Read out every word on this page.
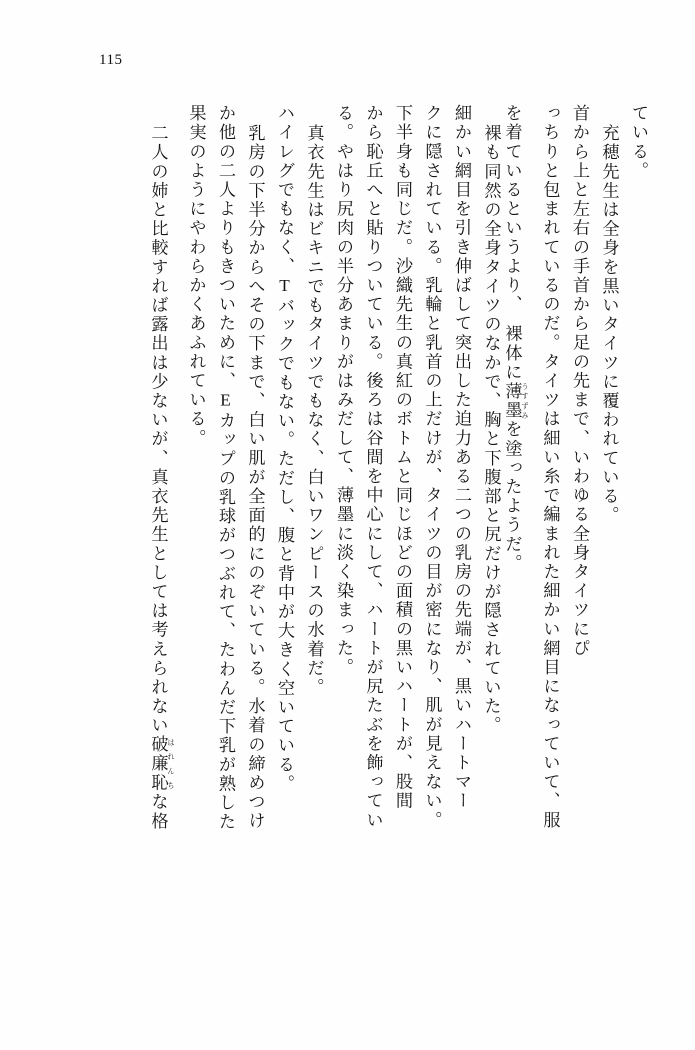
115
ている。
充穂先生は全身を黒いタイツに覆われている。
首から上と左右の手首から足の先まで、いわゆる全身タイツにぴ
っちりと包まれているのだ。タイツは細い糸で編まれた細かい網目になっていて、服
を着ているというより、　裸体に薄墨 うすずみを塗ったようだ。
裸も同然の全身タイツのなかで、胸と下腹部と尻だけが隠されていた。
細かい網目を引き伸ばして突出した迫力ある二つの乳房の先端が、黒いハートマー
クに隠されている。乳輪と乳首の上だけが、タイツの目が密になり、肌が見えない。
下半身も同じだ。沙織先生の真紅のボトムと同じほどの面積の黒いハートが、股間
から恥丘へと貼りついている。後ろは谷間を中心にして、ハートが尻たぶを飾ってい
る。やはり尻肉の半分あまりがはみだして、薄墨に淡く染まった。
真衣先生はビキニでもタイツでもなく、白いワンピースの水着だ。
ハイレグでもなく、Tバックでもない。ただし、腹と背中が大きく空いている。
乳房の下半分からへその下まで、白い肌が全面的にのぞいている。水着の締めつけ
か他の二人よりもきついために、Eカップの乳球がつぶれて、たわんだ下乳が熟した
果実のようにやわらかくあふれている。
二人の姉と比較すれば露出は少ないが、真衣先生としては考えられない破廉恥 はれんちな格
